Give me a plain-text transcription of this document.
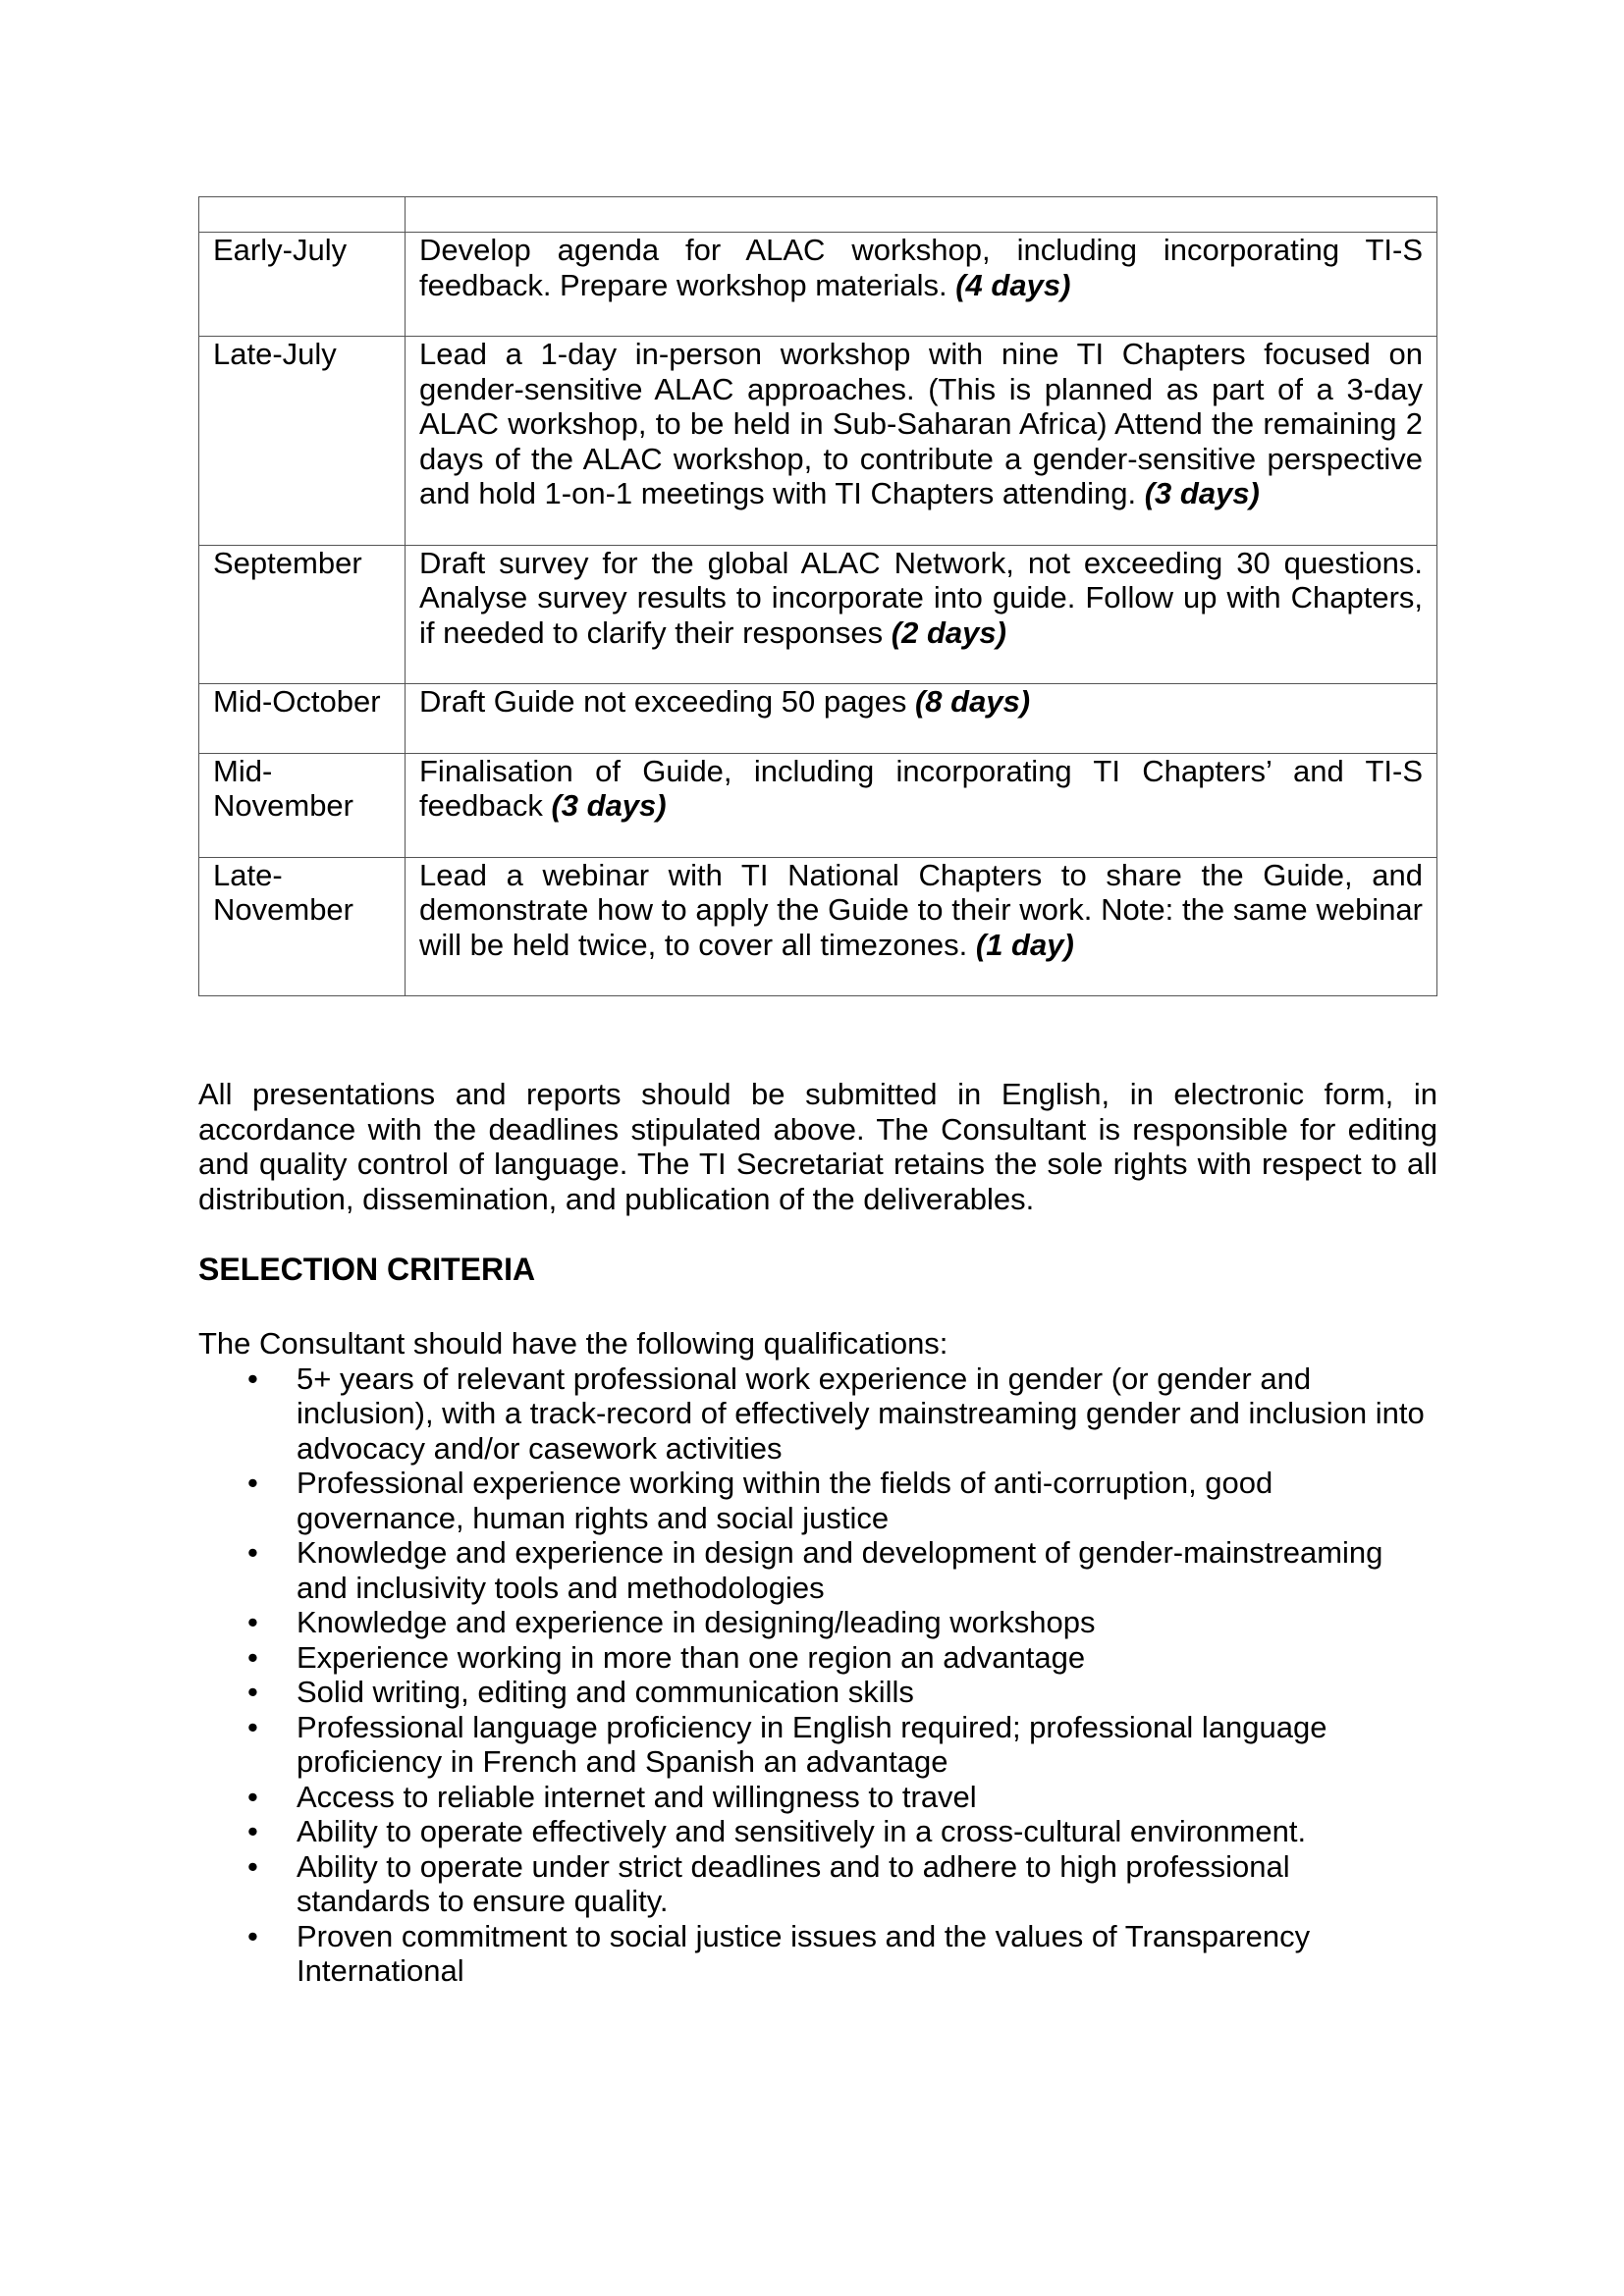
Early-July	Develop agenda for ALAC workshop, including incorporating TI-S feedback. Prepare workshop materials. (4 days)
Late-July	Lead a 1-day in-person workshop with nine TI Chapters focused on gender-sensitive ALAC approaches. (This is planned as part of a 3-day ALAC workshop, to be held in Sub-Saharan Africa) Attend the remaining 2 days of the ALAC workshop, to contribute a gender-sensitive perspective and hold 1-on-1 meetings with TI Chapters attending. (3 days)
September	Draft survey for the global ALAC Network, not exceeding 30 questions. Analyse survey results to incorporate into guide. Follow up with Chapters, if needed to clarify their responses (2 days)
Mid-October	Draft Guide not exceeding 50 pages (8 days)
Mid-November	Finalisation of Guide, including incorporating TI Chapters’ and TI-S feedback (3 days)
Late-November	Lead a webinar with TI National Chapters to share the Guide, and demonstrate how to apply the Guide to their work. Note: the same webinar will be held twice, to cover all timezones. (1 day)

All presentations and reports should be submitted in English, in electronic form, in accordance with the deadlines stipulated above. The Consultant is responsible for editing and quality control of language. The TI Secretariat retains the sole rights with respect to all distribution, dissemination, and publication of the deliverables.

SELECTION CRITERIA
The Consultant should have the following qualifications:
• 5+ years of relevant professional work experience in gender (or gender and inclusion), with a track-record of effectively mainstreaming gender and inclusion into advocacy and/or casework activities
• Professional experience working within the fields of anti-corruption, good governance, human rights and social justice
• Knowledge and experience in design and development of gender-mainstreaming and inclusivity tools and methodologies
• Knowledge and experience in designing/leading workshops
• Experience working in more than one region an advantage
• Solid writing, editing and communication skills
• Professional language proficiency in English required; professional language proficiency in French and Spanish an advantage
• Access to reliable internet and willingness to travel
• Ability to operate effectively and sensitively in a cross-cultural environment.
• Ability to operate under strict deadlines and to adhere to high professional standards to ensure quality.
• Proven commitment to social justice issues and the values of Transparency International
